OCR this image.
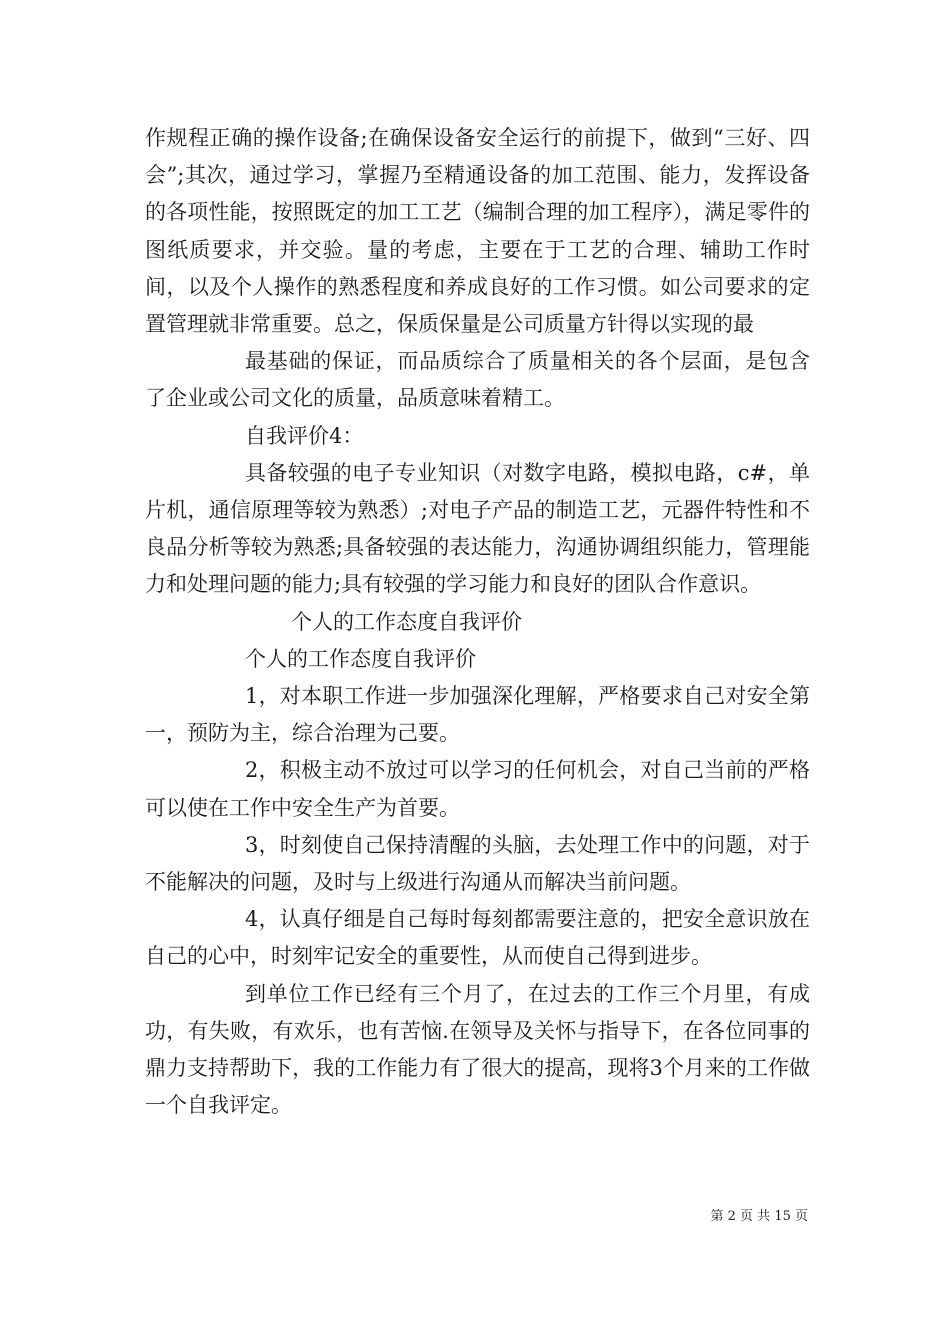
作规程正确的操作设备;在确保设备安全运行的前提下，做到“三好、四会”;其次，通过学习，掌握乃至精通设备的加工范围、能力，发挥设备的各项性能，按照既定的加工工艺（编制合理的加工程序），满足零件的图纸质要求，并交验。量的考虑，主要在于工艺的合理、辅助工作时间，以及个人操作的熟悉程度和养成良好的工作习惯。如公司要求的定置管理就非常重要。总之，保质保量是公司质量方针得以实现的最

最基础的保证，而品质综合了质量相关的各个层面，是包含了企业或公司文化的质量，品质意味着精工。

自我评价4：

具备较强的电子专业知识（对数字电路，模拟电路，c#，单片机，通信原理等较为熟悉）;对电子产品的制造工艺，元器件特性和不良品分析等较为熟悉;具备较强的表达能力，沟通协调组织能力，管理能力和处理问题的能力;具有较强的学习能力和良好的团队合作意识。

个人的工作态度自我评价

个人的工作态度自我评价

1，对本职工作进一步加强深化理解，严格要求自己对安全第一，预防为主，综合治理为己要。

2，积极主动不放过可以学习的任何机会，对自己当前的严格可以使在工作中安全生产为首要。

3，时刻使自己保持清醒的头脑，去处理工作中的问题，对于不能解决的问题，及时与上级进行沟通从而解决当前问题。

4，认真仔细是自己每时每刻都需要注意的，把安全意识放在自己的心中，时刻牢记安全的重要性，从而使自己得到进步。

到单位工作已经有三个月了，在过去的工作三个月里，有成功，有失败，有欢乐，也有苦恼.在领导及关怀与指导下，在各位同事的鼎力支持帮助下，我的工作能力有了很大的提高，现将3个月来的工作做一个自我评定。

第 2 页 共 15 页
